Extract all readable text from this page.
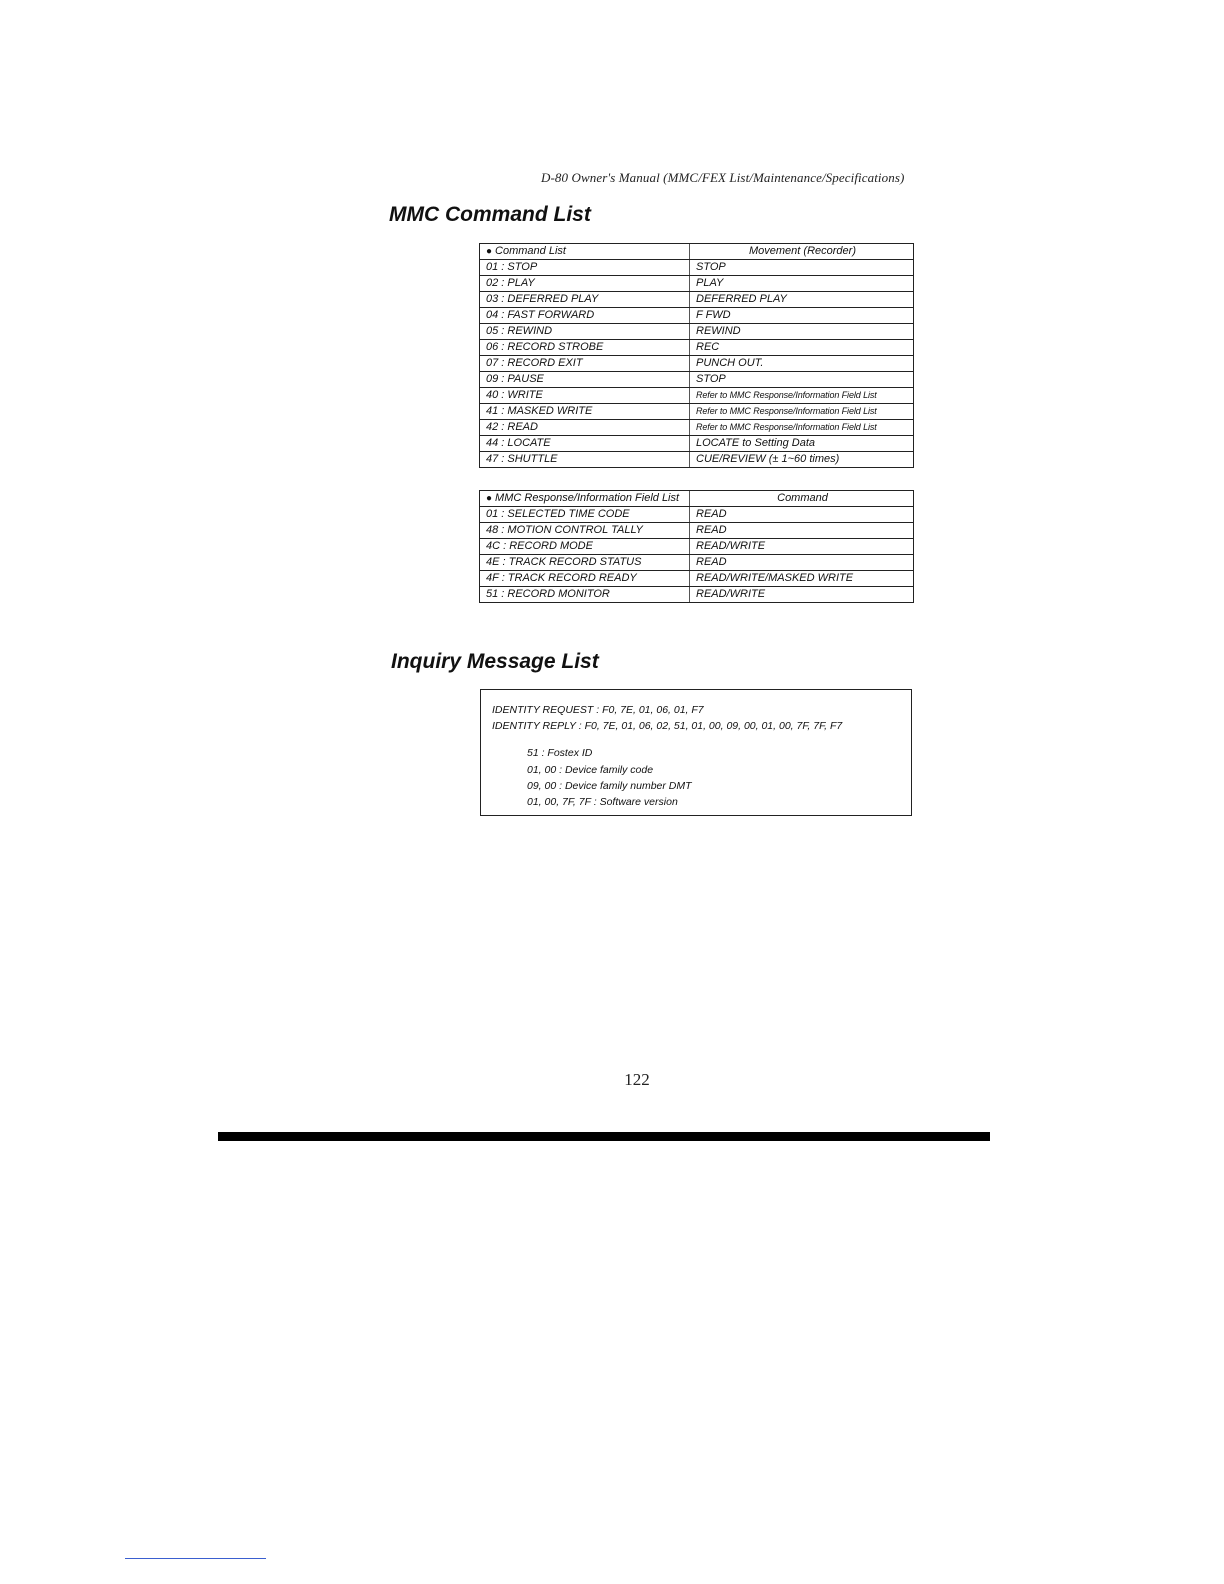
D-80 Owner's Manual (MMC/FEX List/Maintenance/Specifications)
MMC Command List
● Command List	Movement (Recorder)
01 : STOP	STOP
02 : PLAY	PLAY
03 : DEFERRED PLAY	DEFERRED PLAY
04 : FAST FORWARD	F FWD
05 : REWIND	REWIND
06 : RECORD STROBE	REC
07 : RECORD EXIT	PUNCH OUT.
09 : PAUSE	STOP
40 : WRITE	Refer to MMC Response/Information Field List
41 : MASKED WRITE	Refer to MMC Response/Information Field List
42 : READ	Refer to MMC Response/Information Field List
44 : LOCATE	LOCATE to Setting Data
47 : SHUTTLE	CUE/REVIEW (± 1~60 times)
● MMC Response/Information Field List	Command
01 : SELECTED TIME CODE	READ
48 : MOTION CONTROL TALLY	READ
4C : RECORD MODE	READ/WRITE
4E : TRACK RECORD STATUS	READ
4F : TRACK RECORD READY	READ/WRITE/MASKED WRITE
51 : RECORD MONITOR	READ/WRITE
Inquiry Message List
IDENTITY REQUEST : F0, 7E, 01, 06, 01, F7
IDENTITY REPLY : F0, 7E, 01, 06, 02, 51, 01, 00, 09, 00, 01, 00, 7F, 7F, F7
51 : Fostex ID
01, 00 : Device family code
09, 00 : Device family number DMT
01, 00, 7F, 7F : Software version
122
